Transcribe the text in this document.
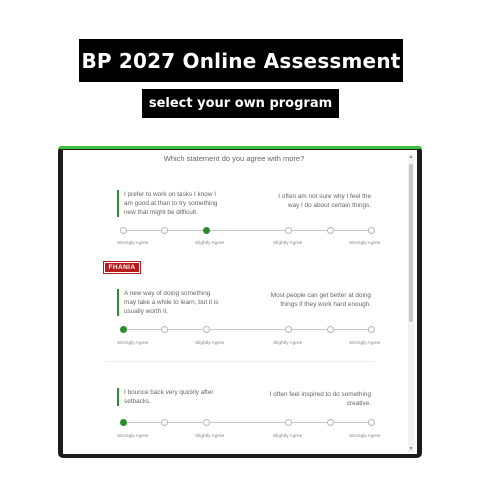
BP 2027 Online Assessment
select your own program
Which statement do you agree with more?
I prefer to work on tasks I know I am good at than to try something new that might be difficult.
I often am not sure why I feel the way I do about certain things.
Strongly Agree	Slightly Agree	Slightly Agree	Strongly Agree
FHANIA
A new way of doing something may take a while to learn, but it is usually worth it.
Most people can get better at doing things if they work hard enough.
Strongly Agree	Slightly Agree	Slightly Agree	Strongly Agree
I bounce back very quickly after setbacks.
I often feel inspired to do something creative.
Strongly Agree	Slightly Agree	Slightly Agree	Strongly Agree
▲
▼
